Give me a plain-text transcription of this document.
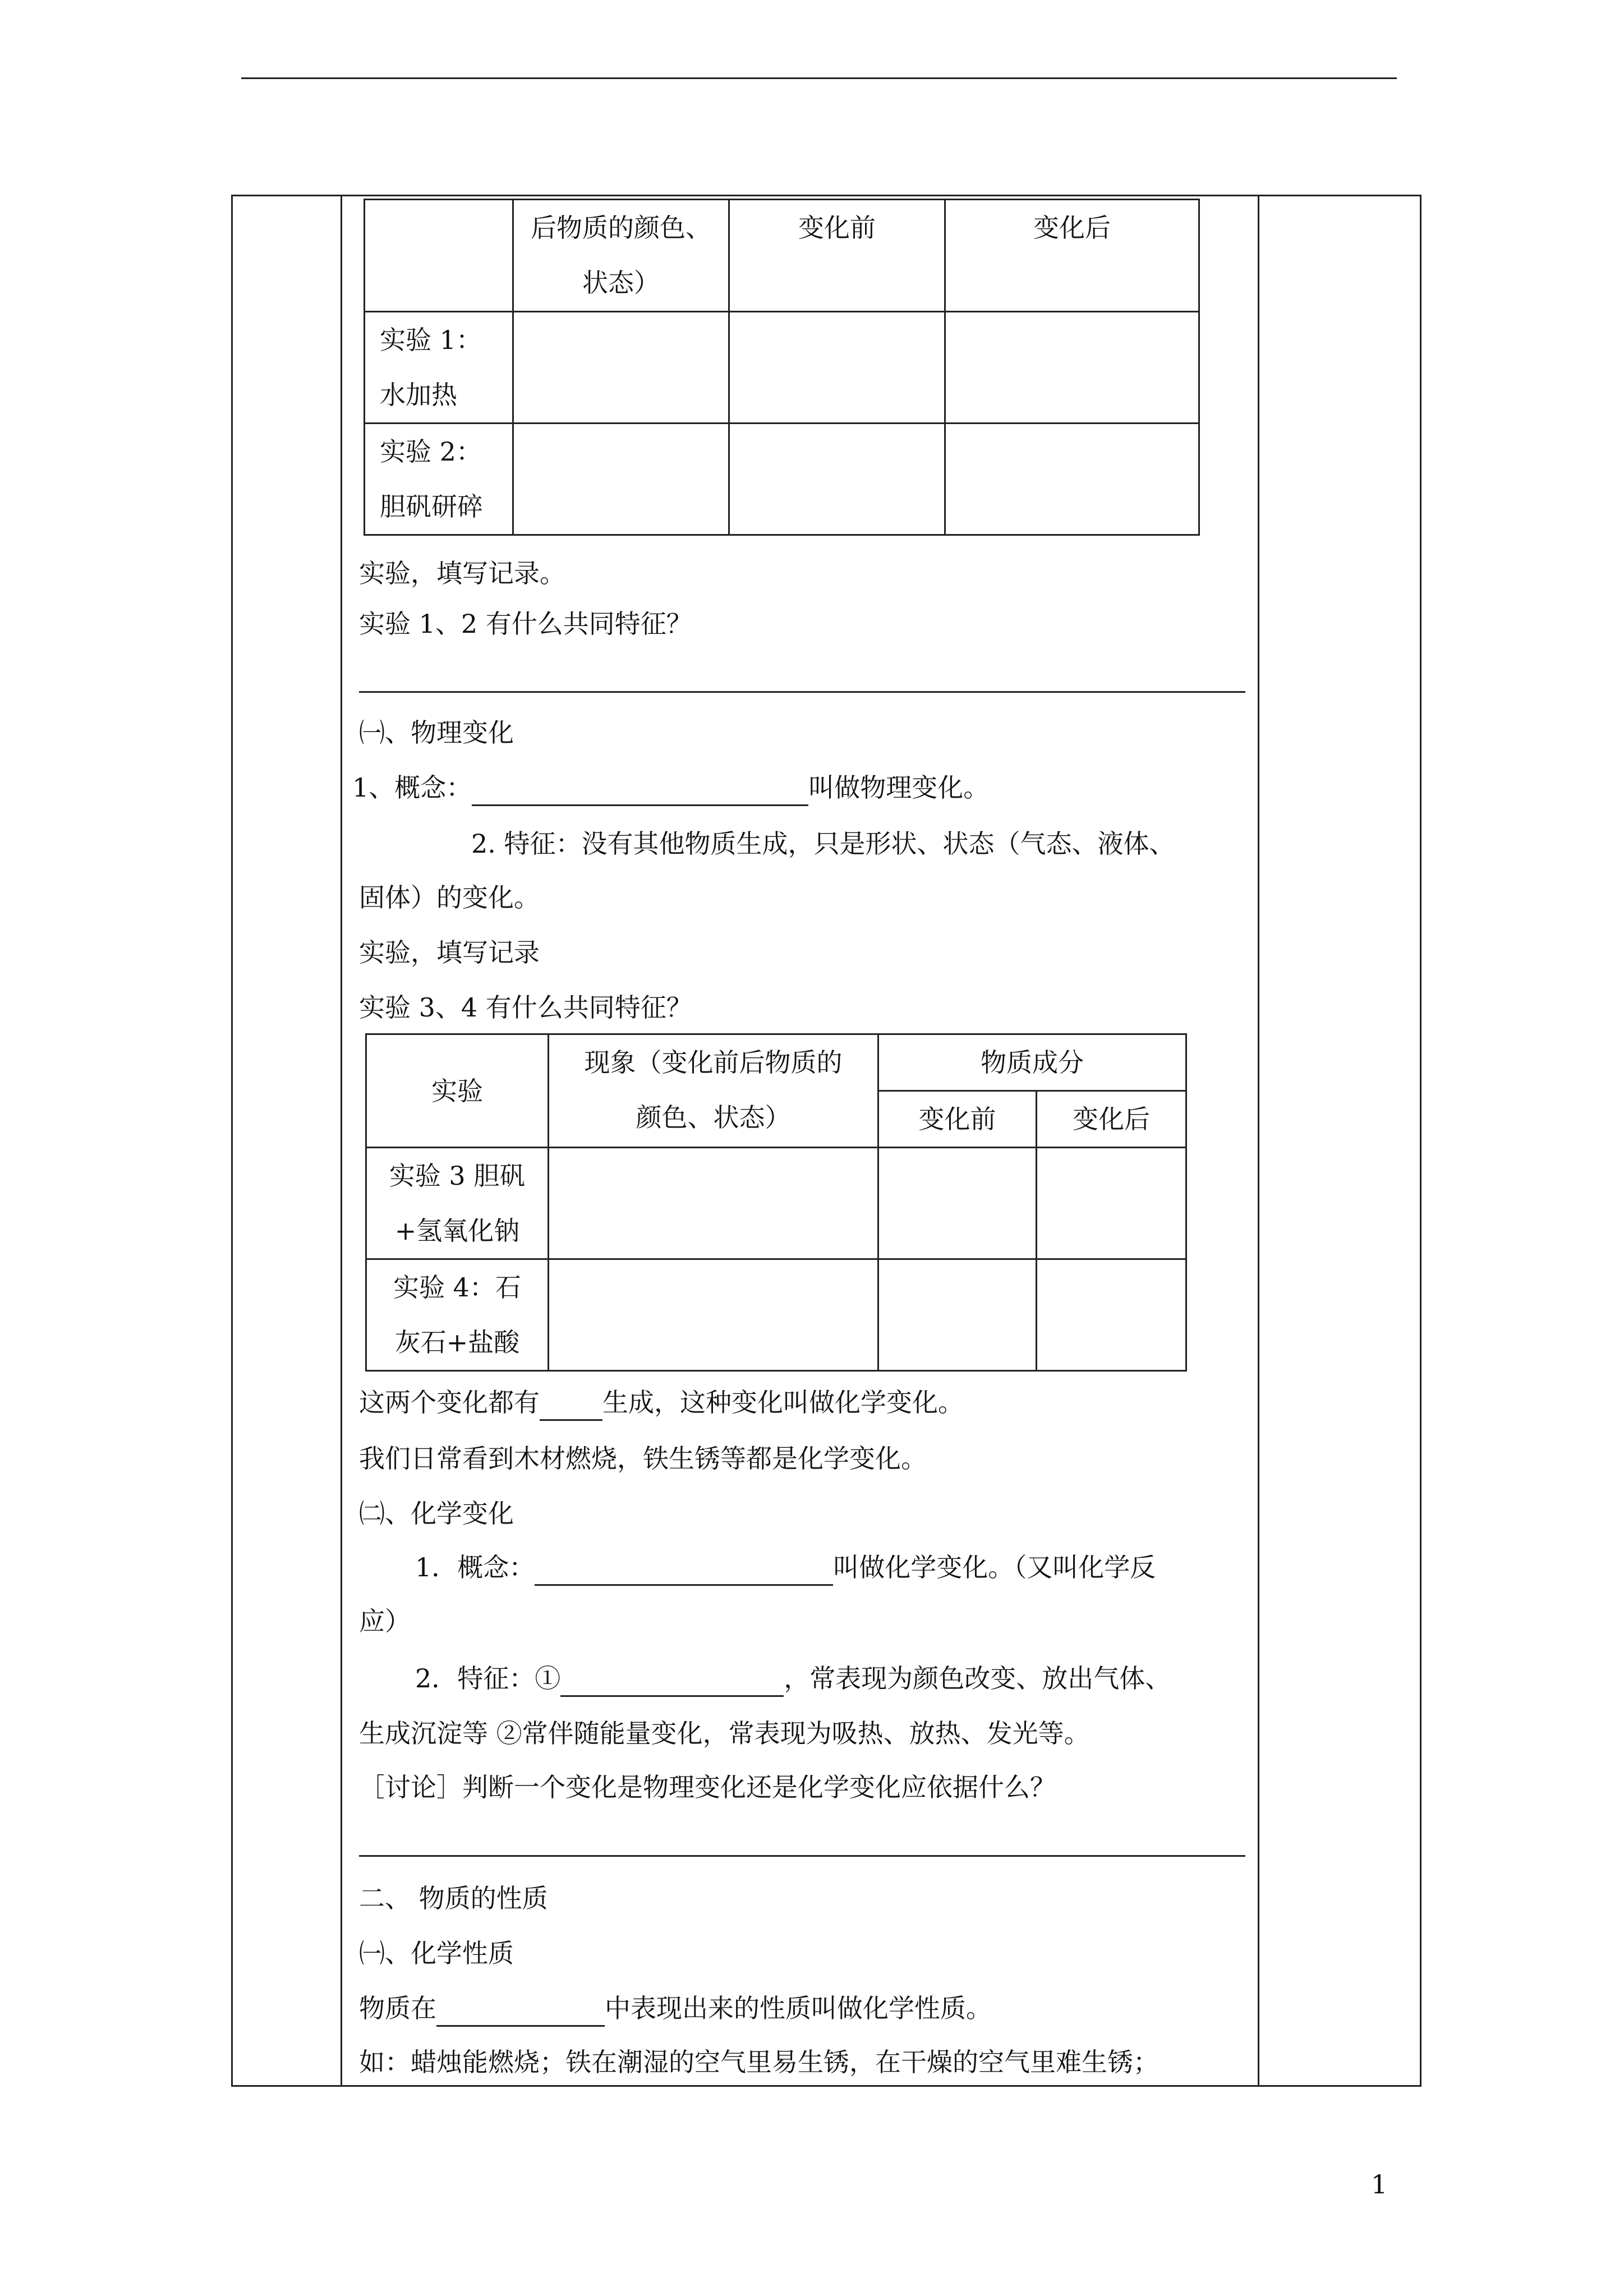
	后物质的颜色、
状态）	变化前	变化后

实验 1：
水加热			

实验 2：
胆矾研碎			

实验，填写记录。
实验 1、2 有什么共同特征？
㈠、物理变化
1、概念：	叫做物理变化。
2. 特征：没有其他物质生成，只是形状、状态（气态、液体、
固体）的变化。
实验，填写记录
实验 3、4 有什么共同特征？
实验	现象（变化前后物质的
颜色、状态）	物质成分	
		变化前	变化后

实验 3 胆矾
+氢氧化钠			

实验 4：石
灰石+盐酸			

这两个变化都有 生成，这种变化叫做化学变化。
我们日常看到木材燃烧，铁生锈等都是化学变化。
㈡、化学变化
1．概念：	叫做化学变化。（又叫化学反
应）
2．特征：①	，常表现为颜色改变、放出气体、
生成沉淀等 ②常伴随能量变化，常表现为吸热、放热、发光等。
［讨论］判断一个变化是物理变化还是化学变化应依据什么？
二、 物质的性质
㈠、化学性质
物质在	中表现出来的性质叫做化学性质。
如：蜡烛能燃烧；铁在潮湿的空气里易生锈，在干燥的空气里难生锈；
1
